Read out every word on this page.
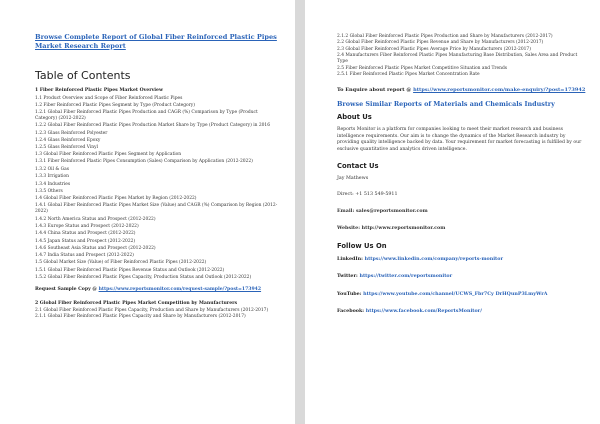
Browse Complete Report of Global Fiber Reinforced Plastic Pipes Market Research Report

Table of Contents

1 Fiber Reinforced Plastic Pipes Market Overview

1.1 Product Overview and Scope of Fiber Reinforced Plastic Pipes

1.2 Fiber Reinforced Plastic Pipes Segment by Type (Product Category)

1.2.1 Global Fiber Reinforced Plastic Pipes Production and CAGR (%) Comparison by Type (Product Category) (2012-2022)

1.2.2 Global Fiber Reinforced Plastic Pipes Production Market Share by Type (Product Category) in 2016

1.2.3 Glass Reinforced Polyester

1.2.4 Glass Reinforced Epoxy

1.2.5 Glass Reinforced Vinyl

1.3 Global Fiber Reinforced Plastic Pipes Segment by Application

1.3.1 Fiber Reinforced Plastic Pipes Consumption (Sales) Comparison by Application (2012-2022)

1.3.2 Oil & Gas

1.3.3 Irrigation

1.3.4 Industries

1.3.5 Others

1.4 Global Fiber Reinforced Plastic Pipes Market by Region (2012-2022)

1.4.1 Global Fiber Reinforced Plastic Pipes Market Size (Value) and CAGR (%) Comparison by Region (2012-2022)

1.4.2 North America Status and Prospect (2012-2022)

1.4.3 Europe Status and Prospect (2012-2022)

1.4.4 China Status and Prospect (2012-2022)

1.4.5 Japan Status and Prospect (2012-2022)

1.4.6 Southeast Asia Status and Prospect (2012-2022)

1.4.7 India Status and Prospect (2012-2022)

1.5 Global Market Size (Value) of Fiber Reinforced Plastic Pipes (2012-2022)

1.5.1 Global Fiber Reinforced Plastic Pipes Revenue Status and Outlook (2012-2022)

1.5.2 Global Fiber Reinforced Plastic Pipes Capacity, Production Status and Outlook (2012-2022)

Request Sample Copy @ https://www.reportsmonitor.com/request-sample/?post=173942

2 Global Fiber Reinforced Plastic Pipes Market Competition by Manufacturers

2.1 Global Fiber Reinforced Plastic Pipes Capacity, Production and Share by Manufacturers (2012-2017)

2.1.1 Global Fiber Reinforced Plastic Pipes Capacity and Share by Manufacturers (2012-2017)

2.1.2 Global Fiber Reinforced Plastic Pipes Production and Share by Manufacturers (2012-2017)

2.2 Global Fiber Reinforced Plastic Pipes Revenue and Share by Manufacturers (2012-2017)

2.3 Global Fiber Reinforced Plastic Pipes Average Price by Manufacturers (2012-2017)

2.4 Manufacturers Fiber Reinforced Plastic Pipes Manufacturing Base Distribution, Sales Area and Product Type

2.5 Fiber Reinforced Plastic Pipes Market Competitive Situation and Trends

2.5.1 Fiber Reinforced Plastic Pipes Market Concentration Rate

To Enquire about report @ https://www.reportsmonitor.com/make-enquiry/?post=173942

Browse Similar Reports of Materials and Chemicals Industry

About Us

Reports Monitor is a platform for companies looking to meet their market research and business intelligence requirements. Our aim is to change the dynamics of the Market Research industry by providing quality intelligence backed by data. Your requirement for market forecasting is fulfilled by our exclusive quantitative and analytics driven intelligence.

Contact Us

Jay Mathews

Direct: +1 513 549-5911

Email: sales@reportsmonitor.com

Website: http://www.reportsmonitor.com

Follow Us On

LinkedIn: https://www.linkedin.com/company/reports-monitor

Twitter: https://twitter.com/reportsmonitor

YouTube: https://www.youtube.com/channel/UCWS_Fbr7Cy DrHQunP3LmyWrA

Facebook: https://www.facebook.com/ReportsMonitor/
